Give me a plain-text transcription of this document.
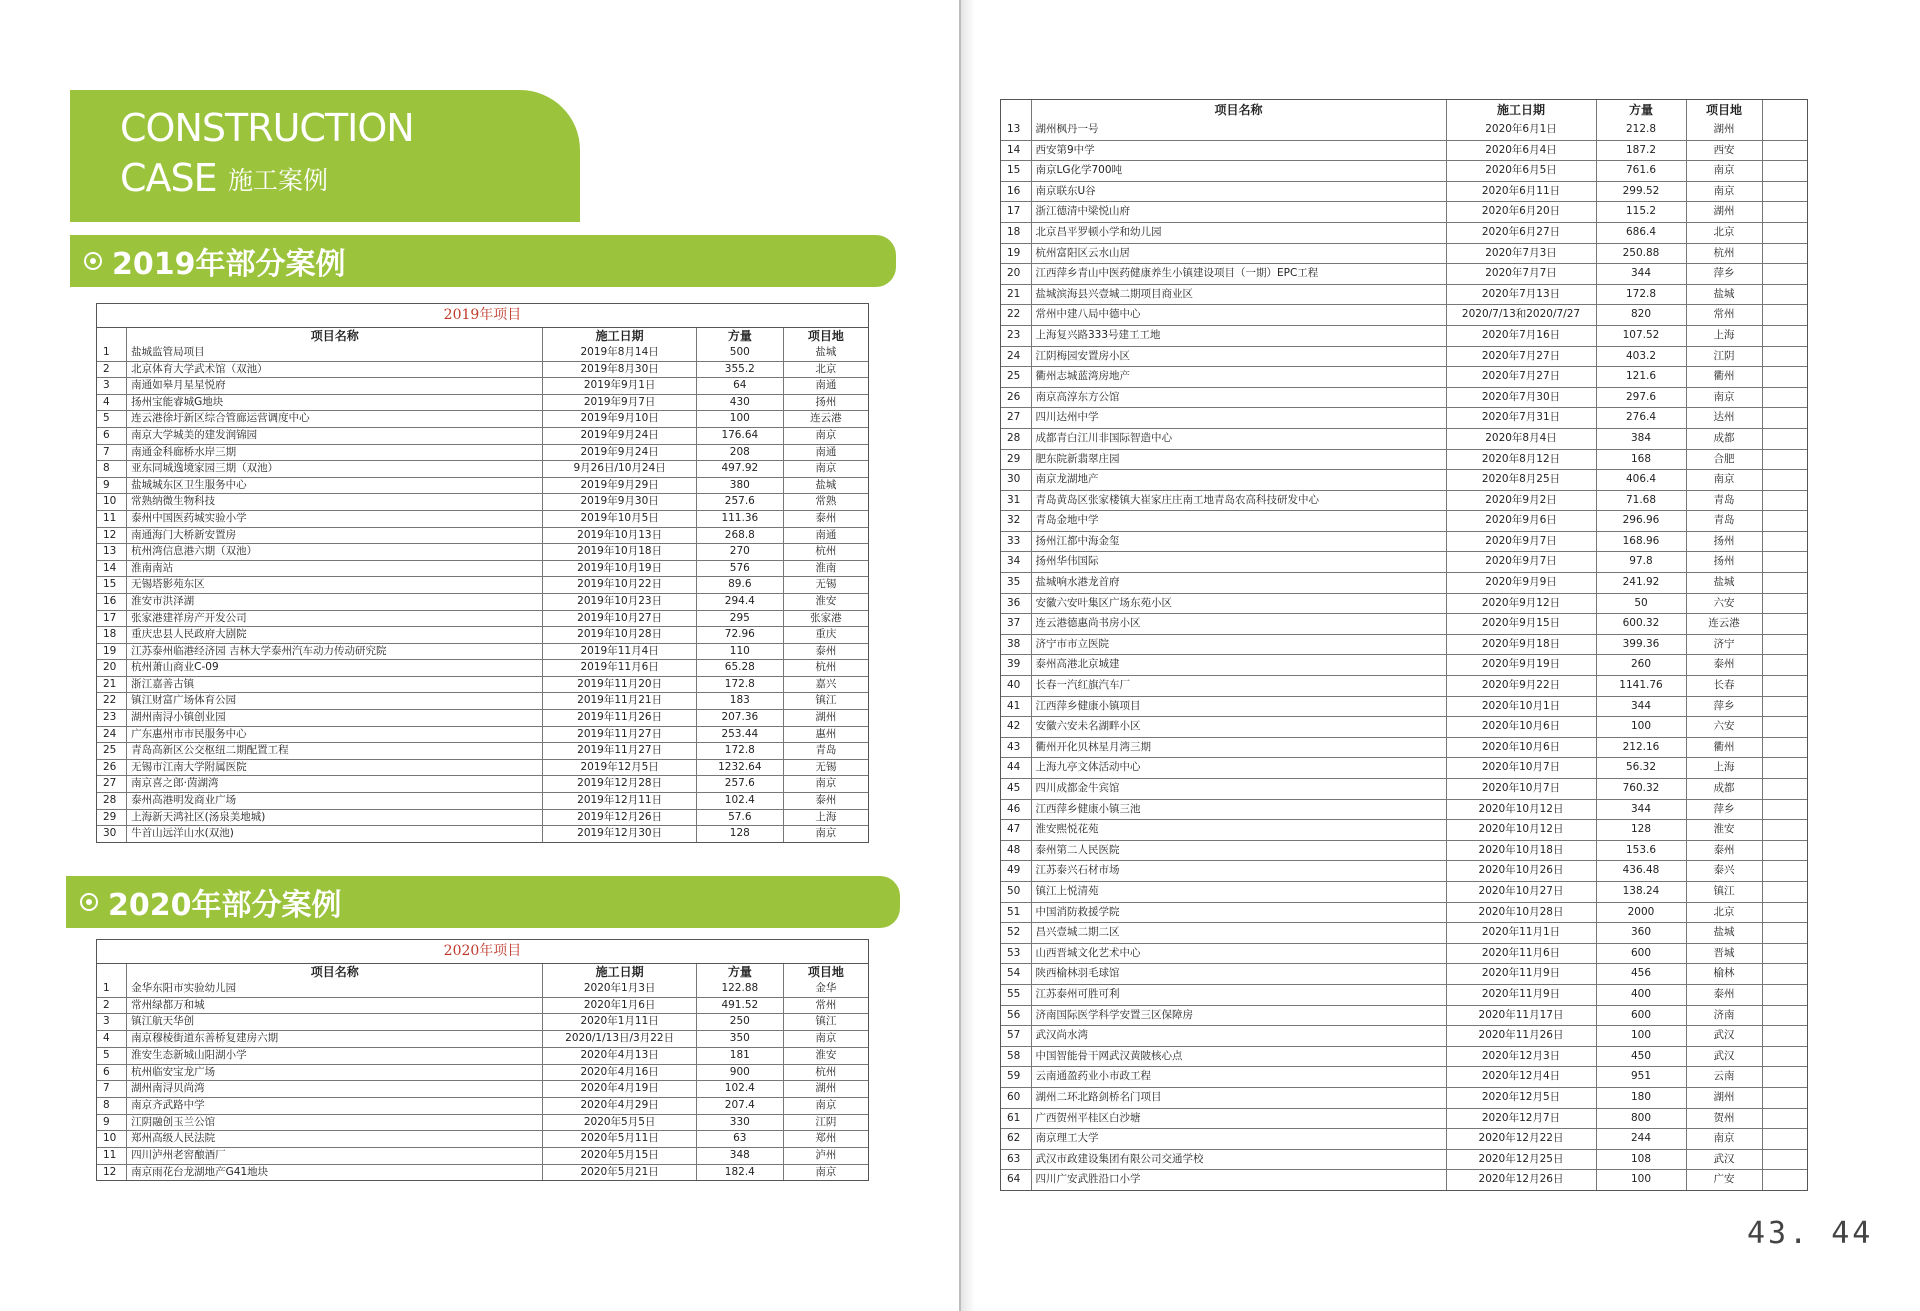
CONSTRUCTION
CASE 施工案例
2019年部分案例
2019年项目
	项目名称	施工日期	方量	项目地
1	盐城监管局项目	2019年8月14日	500	盐城
2	北京体育大学武术馆（双池）	2019年8月30日	355.2	北京
3	南通如皋月星星悦府	2019年9月1日	64	南通
4	扬州宝能睿城G地块	2019年9月7日	430	扬州
5	连云港徐圩新区综合管廊运营调度中心	2019年9月10日	100	连云港
6	南京大学城美的建发润锦园	2019年9月24日	176.64	南京
7	南通金科廊桥水岸三期	2019年9月24日	208	南通
8	亚东同城逸境家园三期（双池）	9月26日/10月24日	497.92	南京
9	盐城城东区卫生服务中心	2019年9月29日	380	盐城
10	常熟纳微生物科技	2019年9月30日	257.6	常熟
11	泰州中国医药城实验小学	2019年10月5日	111.36	泰州
12	南通海门大桥新安置房	2019年10月13日	268.8	南通
13	杭州湾信息港六期（双池）	2019年10月18日	270	杭州
14	淮南南站	2019年10月19日	576	淮南
15	无锡塔影苑东区	2019年10月22日	89.6	无锡
16	淮安市洪泽湖	2019年10月23日	294.4	淮安
17	张家港建祥房产开发公司	2019年10月27日	295	张家港
18	重庆忠县人民政府大剧院	2019年10月28日	72.96	重庆
19	江苏泰州临港经济园 吉林大学泰州汽车动力传动研究院	2019年11月4日	110	泰州
20	杭州萧山商业C-09	2019年11月6日	65.28	杭州
21	浙江嘉善古镇	2019年11月20日	172.8	嘉兴
22	镇江财富广场体育公园	2019年11月21日	183	镇江
23	湖州南浔小镇创业园	2019年11月26日	207.36	湖州
24	广东惠州市市民服务中心	2019年11月27日	253.44	惠州
25	青岛高新区公交枢纽二期配置工程	2019年11月27日	172.8	青岛
26	无锡市江南大学附属医院	2019年12月5日	1232.64	无锡
27	南京喜之郎·茵湖湾	2019年12月28日	257.6	南京
28	泰州高港明发商业广场	2019年12月11日	102.4	泰州
29	上海新天鸿社区(汤泉美地城)	2019年12月26日	57.6	上海
30	牛首山远洋山水(双池)	2019年12月30日	128	南京
2020年部分案例
2020年项目
	项目名称	施工日期	方量	项目地
1	金华东阳市实验幼儿园	2020年1月3日	122.88	金华
2	常州绿都万和城	2020年1月6日	491.52	常州
3	镇江航天华创	2020年1月11日	250	镇江
4	南京穆棱街道东善桥复建房六期	2020/1/13日/3月22日	350	南京
5	淮安生态新城山阳湖小学	2020年4月13日	181	淮安
6	杭州临安宝龙广场	2020年4月16日	900	杭州
7	湖州南浔贝尚湾	2020年4月19日	102.4	湖州
8	南京齐武路中学	2020年4月29日	207.4	南京
9	江阴融创玉兰公馆	2020年5月5日	330	江阴
10	郑州高级人民法院	2020年5月11日	63	郑州
11	四川泸州老窖酿酒厂	2020年5月15日	348	泸州
12	南京雨花台龙湖地产G41地块	2020年5月21日	182.4	南京
	项目名称	施工日期	方量	项目地	
13	湖州枫丹一号	2020年6月1日	212.8	湖州	
14	西安第9中学	2020年6月4日	187.2	西安	
15	南京LG化学700吨	2020年6月5日	761.6	南京	
16	南京联东U谷	2020年6月11日	299.52	南京	
17	浙江德清中梁悦山府	2020年6月20日	115.2	湖州	
18	北京昌平罗顿小学和幼儿园	2020年6月27日	686.4	北京	
19	杭州富阳区云水山居	2020年7月3日	250.88	杭州	
20	江西萍乡青山中医药健康养生小镇建设项目（一期）EPC工程	2020年7月7日	344	萍乡	
21	盐城滨海县兴壹城二期项目商业区	2020年7月13日	172.8	盐城	
22	常州中建八局中德中心	2020/7/13和2020/7/27	820	常州	
23	上海复兴路333号建工工地	2020年7月16日	107.52	上海	
24	江阴梅园安置房小区	2020年7月27日	403.2	江阴	
25	衢州志城蓝湾房地产	2020年7月27日	121.6	衢州	
26	南京高淳东方公馆	2020年7月30日	297.6	南京	
27	四川达州中学	2020年7月31日	276.4	达州	
28	成都青白江川非国际智造中心	2020年8月4日	384	成都	
29	肥东院新翡翠庄园	2020年8月12日	168	合肥	
30	南京龙湖地产	2020年8月25日	406.4	南京	
31	青岛黄岛区张家楼镇大崔家庄庄南工地青岛农高科技研发中心	2020年9月2日	71.68	青岛	
32	青岛金地中学	2020年9月6日	296.96	青岛	
33	扬州江都中海金玺	2020年9月7日	168.96	扬州	
34	扬州华伟国际	2020年9月7日	97.8	扬州	
35	盐城响水港龙首府	2020年9月9日	241.92	盐城	
36	安徽六安叶集区广场东苑小区	2020年9月12日	50	六安	
37	连云港德惠尚书房小区	2020年9月15日	600.32	连云港	
38	济宁市市立医院	2020年9月18日	399.36	济宁	
39	泰州高港北京城建	2020年9月19日	260	泰州	
40	长春一汽红旗汽车厂	2020年9月22日	1141.76	长春	
41	江西萍乡健康小镇项目	2020年10月1日	344	萍乡	
42	安徽六安未名湖畔小区	2020年10月6日	100	六安	
43	衢州开化贝林星月湾三期	2020年10月6日	212.16	衢州	
44	上海九亭文体活动中心	2020年10月7日	56.32	上海	
45	四川成都金牛宾馆	2020年10月7日	760.32	成都	
46	江西萍乡健康小镇三池	2020年10月12日	344	萍乡	
47	淮安熙悦花苑	2020年10月12日	128	淮安	
48	泰州第二人民医院	2020年10月18日	153.6	泰州	
49	江苏泰兴石材市场	2020年10月26日	436.48	泰兴	
50	镇江上悦清苑	2020年10月27日	138.24	镇江	
51	中国消防救援学院	2020年10月28日	2000	北京	
52	昌兴壹城二期二区	2020年11月1日	360	盐城	
53	山西晋城文化艺术中心	2020年11月6日	600	晋城	
54	陕西榆林羽毛球馆	2020年11月9日	456	榆林	
55	江苏泰州可胜可利	2020年11月9日	400	泰州	
56	济南国际医学科学安置三区保障房	2020年11月17日	600	济南	
57	武汉尚水湾	2020年11月26日	100	武汉	
58	中国智能骨干网武汉黄陂核心点	2020年12月3日	450	武汉	
59	云南通盈药业小市政工程	2020年12月4日	951	云南	
60	湖州二环北路剑桥名门项目	2020年12月5日	180	湖州	
61	广西贺州平桂区白沙塘	2020年12月7日	800	贺州	
62	南京理工大学	2020年12月22日	244	南京	
63	武汉市政建设集团有限公司交通学校	2020年12月25日	108	武汉	
64	四川广安武胜沿口小学	2020年12月26日	100	广安	
43. 44
